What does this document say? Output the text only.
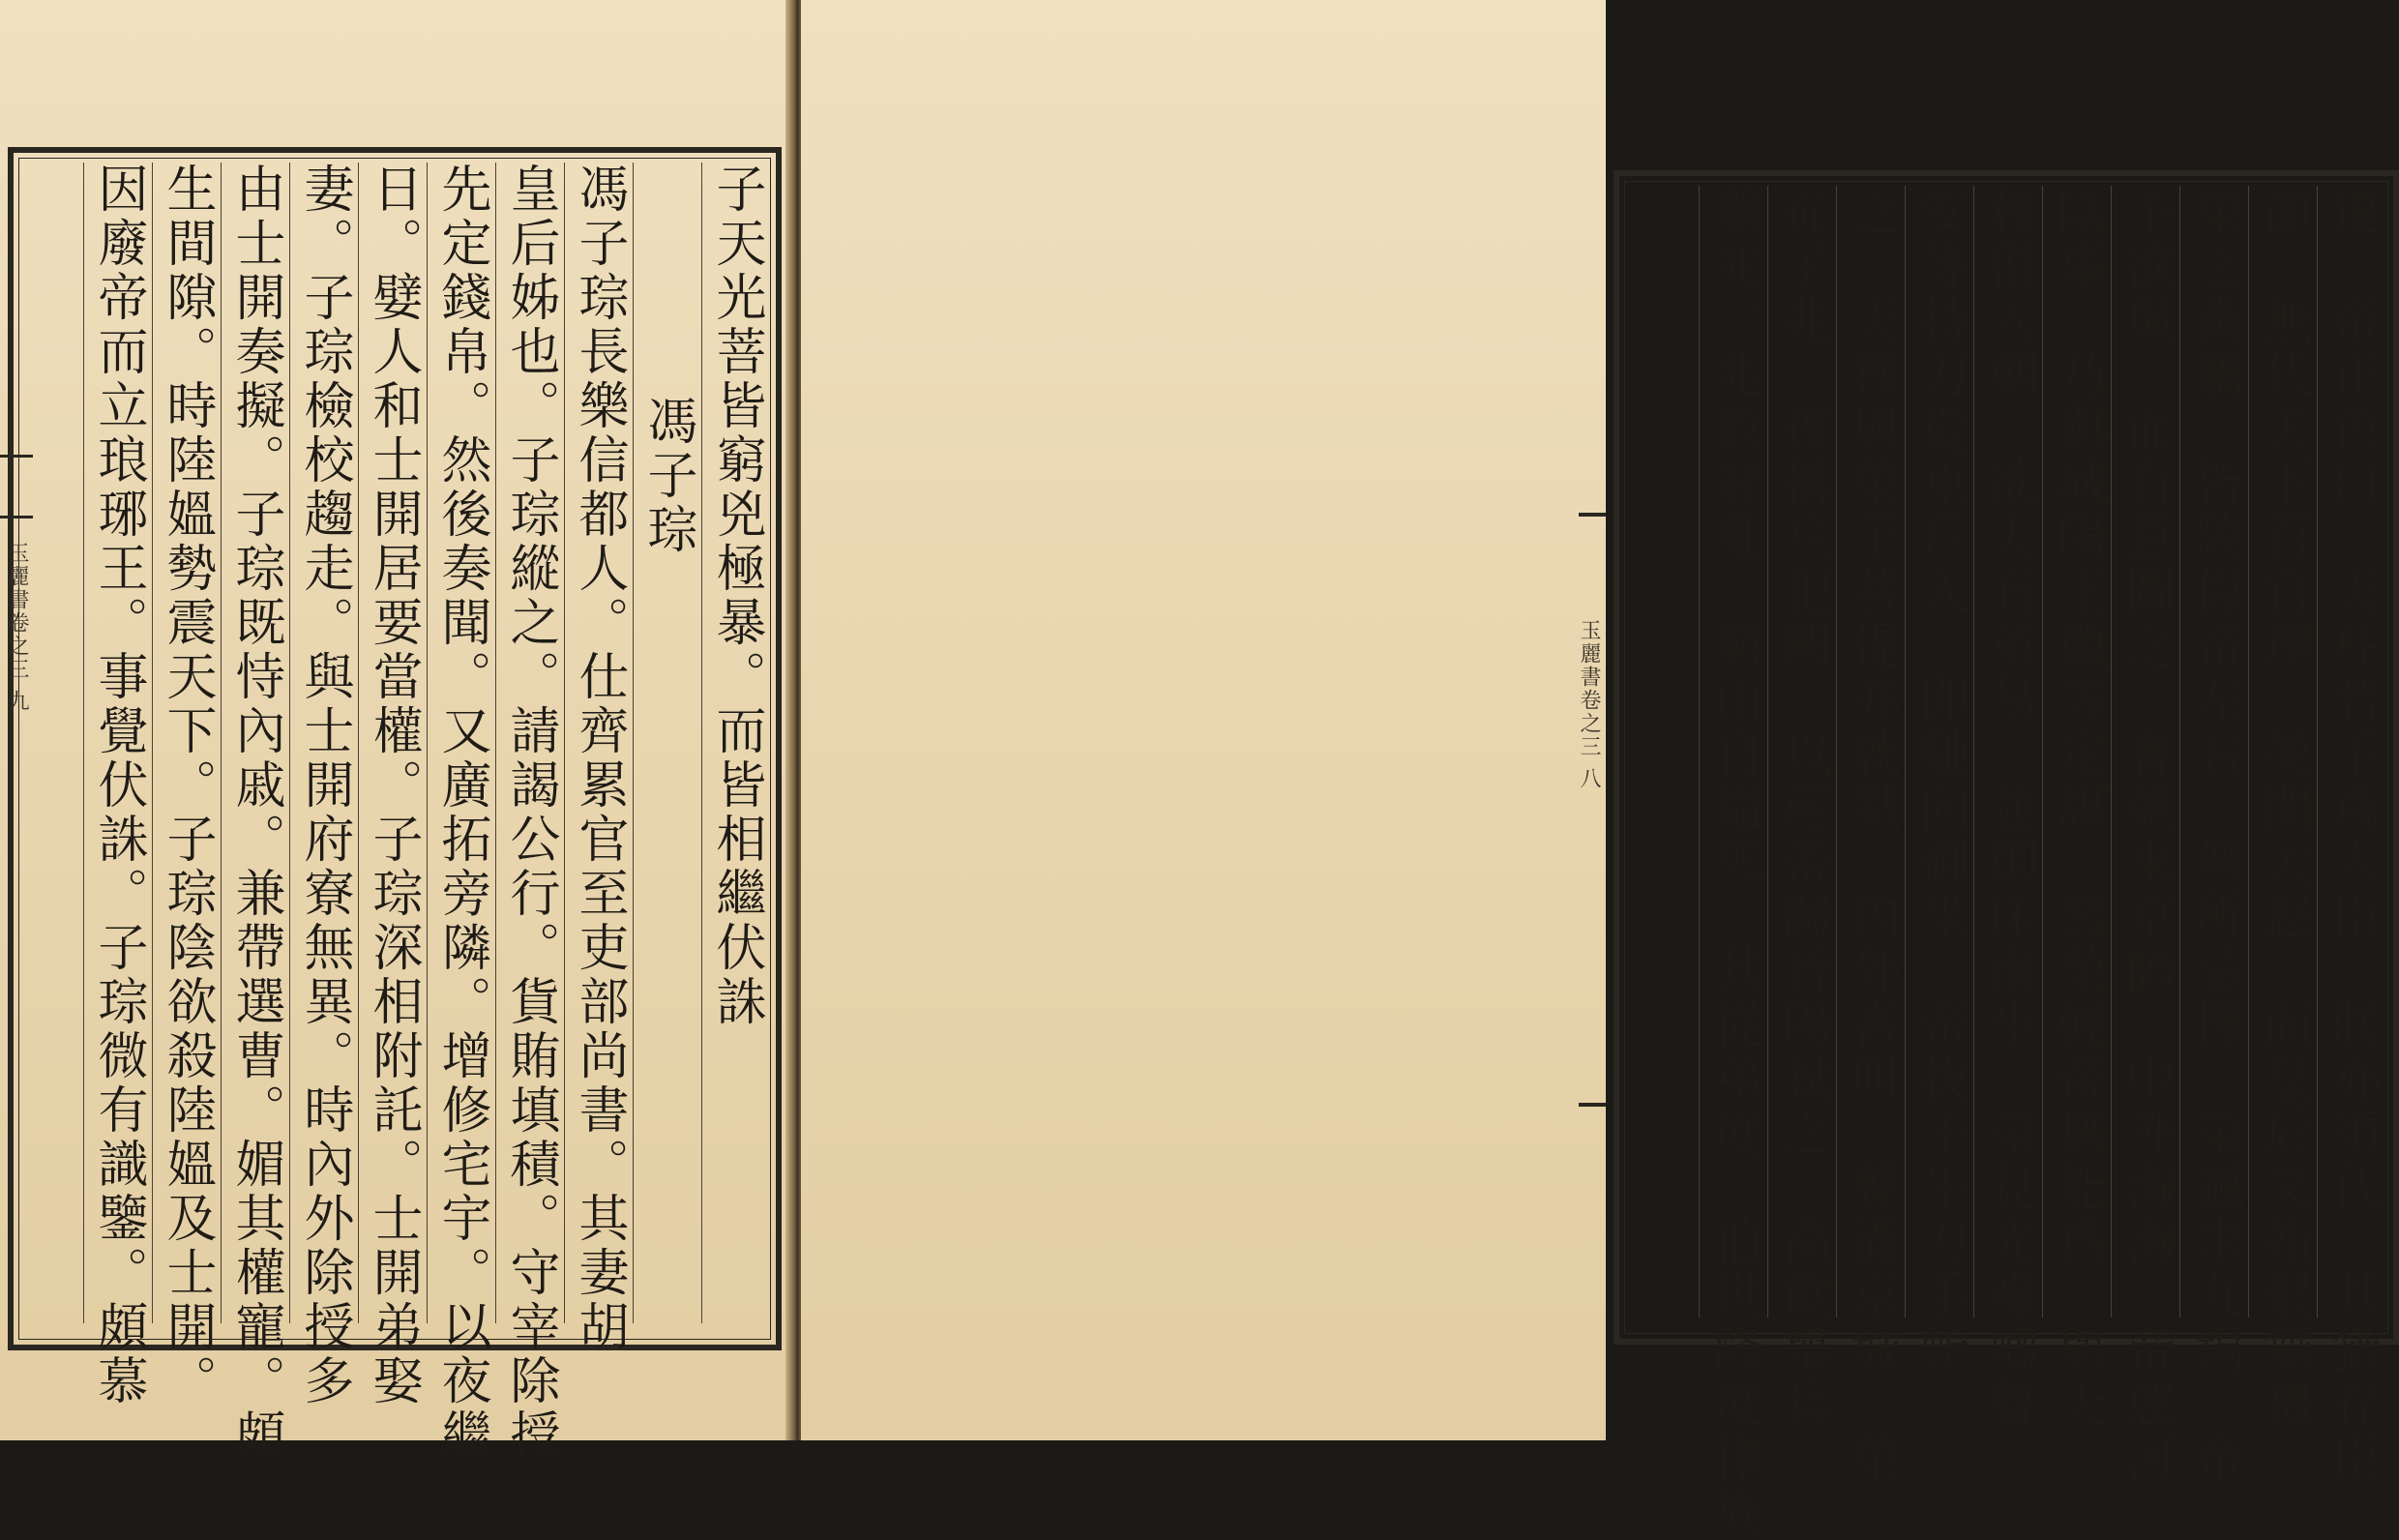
子天光菩皆窮兇極暴。而皆相繼伏誅
馮子琮
馮子琮長樂信都人。仕齊累官至吏部尚書。其妻胡
皇后姊也。子琮縱之。請謁公行。貨賄填積。守宰除授。
先定錢帛。然後奏聞。又廣拓旁隣。增修宅宇。以夜繼
日。嬖人和士開居要當權。子琮深相附託。士開弟娶
妻。子琮檢校趨走。與士開府寮無異。時內外除授多
由士開奏擬。子琮既恃內戚。兼帶選曹。媚其權寵。頗
生間隙。時陸媼勢震天下。子琮陰欲殺陸媼及士開。
因廢帝而立琅琊王。事覺伏誅。子琮微有識鑒。頗慕	違。帝正色曰。天柱若不爲人臣。朕亦須代。其猶存臣
節。無代天下百官理。榮聞大怒。而皇后又妬恨無禮
榮之黨屬。皆陵侮帝左右。無所忌憚。榮諷求九錫。帝
不欲與。而有意圖之。會榮來京師。中外洶洶。帝懲河
陰事。乃與城陽王徽等定謀。然榮輕帝無能爲。與天
穆俱入朝。欲大有革易。並御床南坐。榮見光祿卿魯
安等持刀從東戶入。即馳向御坐。帝拔千牛刀手斬
之。天穆與榮子菩提亦就戮。內外喜叫。聲滿京城。榮
從子兆。復稱兵犯闕。以莊帝歸晉陽弒之。高歡舉兵
擊兆。兆敗窘亂。窮山自縊死。其從弟度。伯世隆度律族
玉麗書卷之三 八
玉麗書卷之三 九
